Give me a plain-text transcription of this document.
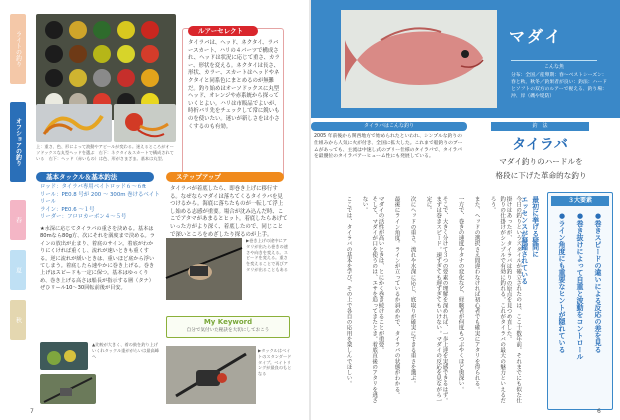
ライトの釣り
オフショアの釣り
春
夏
秋
上：重さ、色、形によって波動やアピールが変わる。迷えるところがオーソドックスな丸型ヘッドを選ぶ　右下：ネクタイ＆スカートで構成されている　右下：ヘッド（赤いもの）は色、形がさまざま。基本は丸型。
ルアーセレクト
タイラバは、ヘッド、ネクタイ、ラバースカート、ハリの４パーツで構成され、ヘッドは状況に応じて重さ、カラー、形状を変える。ネクタイは長さ、形状、カラー、スカートはヘッドやネクタイと同系色にまとめるのが無難だ。釣り始めはオーソドックスに丸型ヘッド、オレンジや赤系統から探っていくとよい。ハリは市販品でよいが、時折バリ先をチェックして常に鋭いものを使いたい。迷いが新しさをは小さくするのも有効。
基本タックル＆基本釣法
ロッド：タイラバ専用ベイトロッド６～６ft
リール：PE0.8 号が 200 ～ 300m 巻けるベイトリール
ライン：PE0.6 ～１号
リーダー：フロロカーボン４～５号
★水深に応じてタイラバの重さを決める。基本は80mなら80g方、次にそれを満度まで決める。ラインの放出が止まり、着底のサイン。着底がわかりにくければ重くし、流れが速いときも重くする。逆に流れが緩いときは、重いほど底から浮いてしまう。着底したら速やかに巻き上げる。巻き上げはスピードも一定に保つ。基本はゆっくりめ、巻き上げる高さは船長が指示する層（タナ）ぜひリール10～30回転前後が目安。
▲比較が大きく、着の鼓を釣り上げいくれタックル重ががらいは最高峰へ
ステップアップ
タイラバが着底したら、即巻き上げに移行する。なぜならマダイは落ちてくるタイラバを見つけるから。海底に落ちたものが一転して浮上し始める志感が重要。場合が沈み込んだ時、ここでアタマがあまるとヒット。着底したらあげていった方がより深く、着底したので、同じことで深いところをめざしたり探るのが上手。
▶巻き上げの途中にアタリが出たら巻きの速さや向きを変える。スピードを変える。重さを変えることで再びアタリが出ることもある
My Keyword
自分で気付いた秘訣を大切にしておこう
▶タックルはベイトのスタンダードタイプ。ベイトリングが最良のもとなる
7
マダイ
こんな魚
分布：全国／産卵期：春～ベストシーズン：春と秋、秋冬／釣果者が良い：釣法：ハードとソフトの双方のルアーで視える、釣り場：沖、岸（磯や堤防）
タイラバはこんな釣り
2005 年前後から関西地方で始められたといわれ、シンプルな釣りの仕組みから人気に火が付き、全国に拡大した。これまで船釣りのブームがあっても、主流は中速し式のブリー仕様のタイラバで、タイラバを最優位のタイラバアーヒューム性にも発展している。
釣　法
タイラバ
マダイ釣りのハードルを
格段に下げた革命的な釣り
３大要素
●巻きスピードの違いによる反応の差を見る
●巻き抜けによって自重と波動をコントロール
●ライン角度にも重要なヒントが隠れている
最初に挙げる疑問に
エッセンスが凝縮されている
今日の釣りというスタイルが確立されたのは、ここ十数年前。それまでにも似た仕掛けはあったが、タイラバは釣りの原点を見つめ直した。
釣りの仕掛けがシンプルで有効に釣れる。これがタイラバの最大の魅力といえるだろう。
また、ヘッドの選択さえ間違わなければ初心者でも確実にアタリを得られる。
一方で、巻きの速度やタナの変化など、経験者が何度もつぶやくほど奥深い。
そこで、大きく分けて３つの要素の理解を深めれば、一歩上達を実感できるはず。
まずは巻きスピード。速すぎても遅すぎてもいけない。マダイの反応を見ながら一定に。
次にヘッドの重さ。流れや水深に応じ、底取りが確実にできる重さを選ぶ。
最後にライン角度。ラインが立っているか斜めかで、タイラバの状態がわかる。
マダイの活性が高いときは、とにかく巻き続けることが重要。
そして、マダイが口を使うのは、エサを追ってきたとき。着底直後のアタリを逃さない。
ここでは、タイラバの基本を学び、その上で各自の応用を楽しんでほしい。
6
